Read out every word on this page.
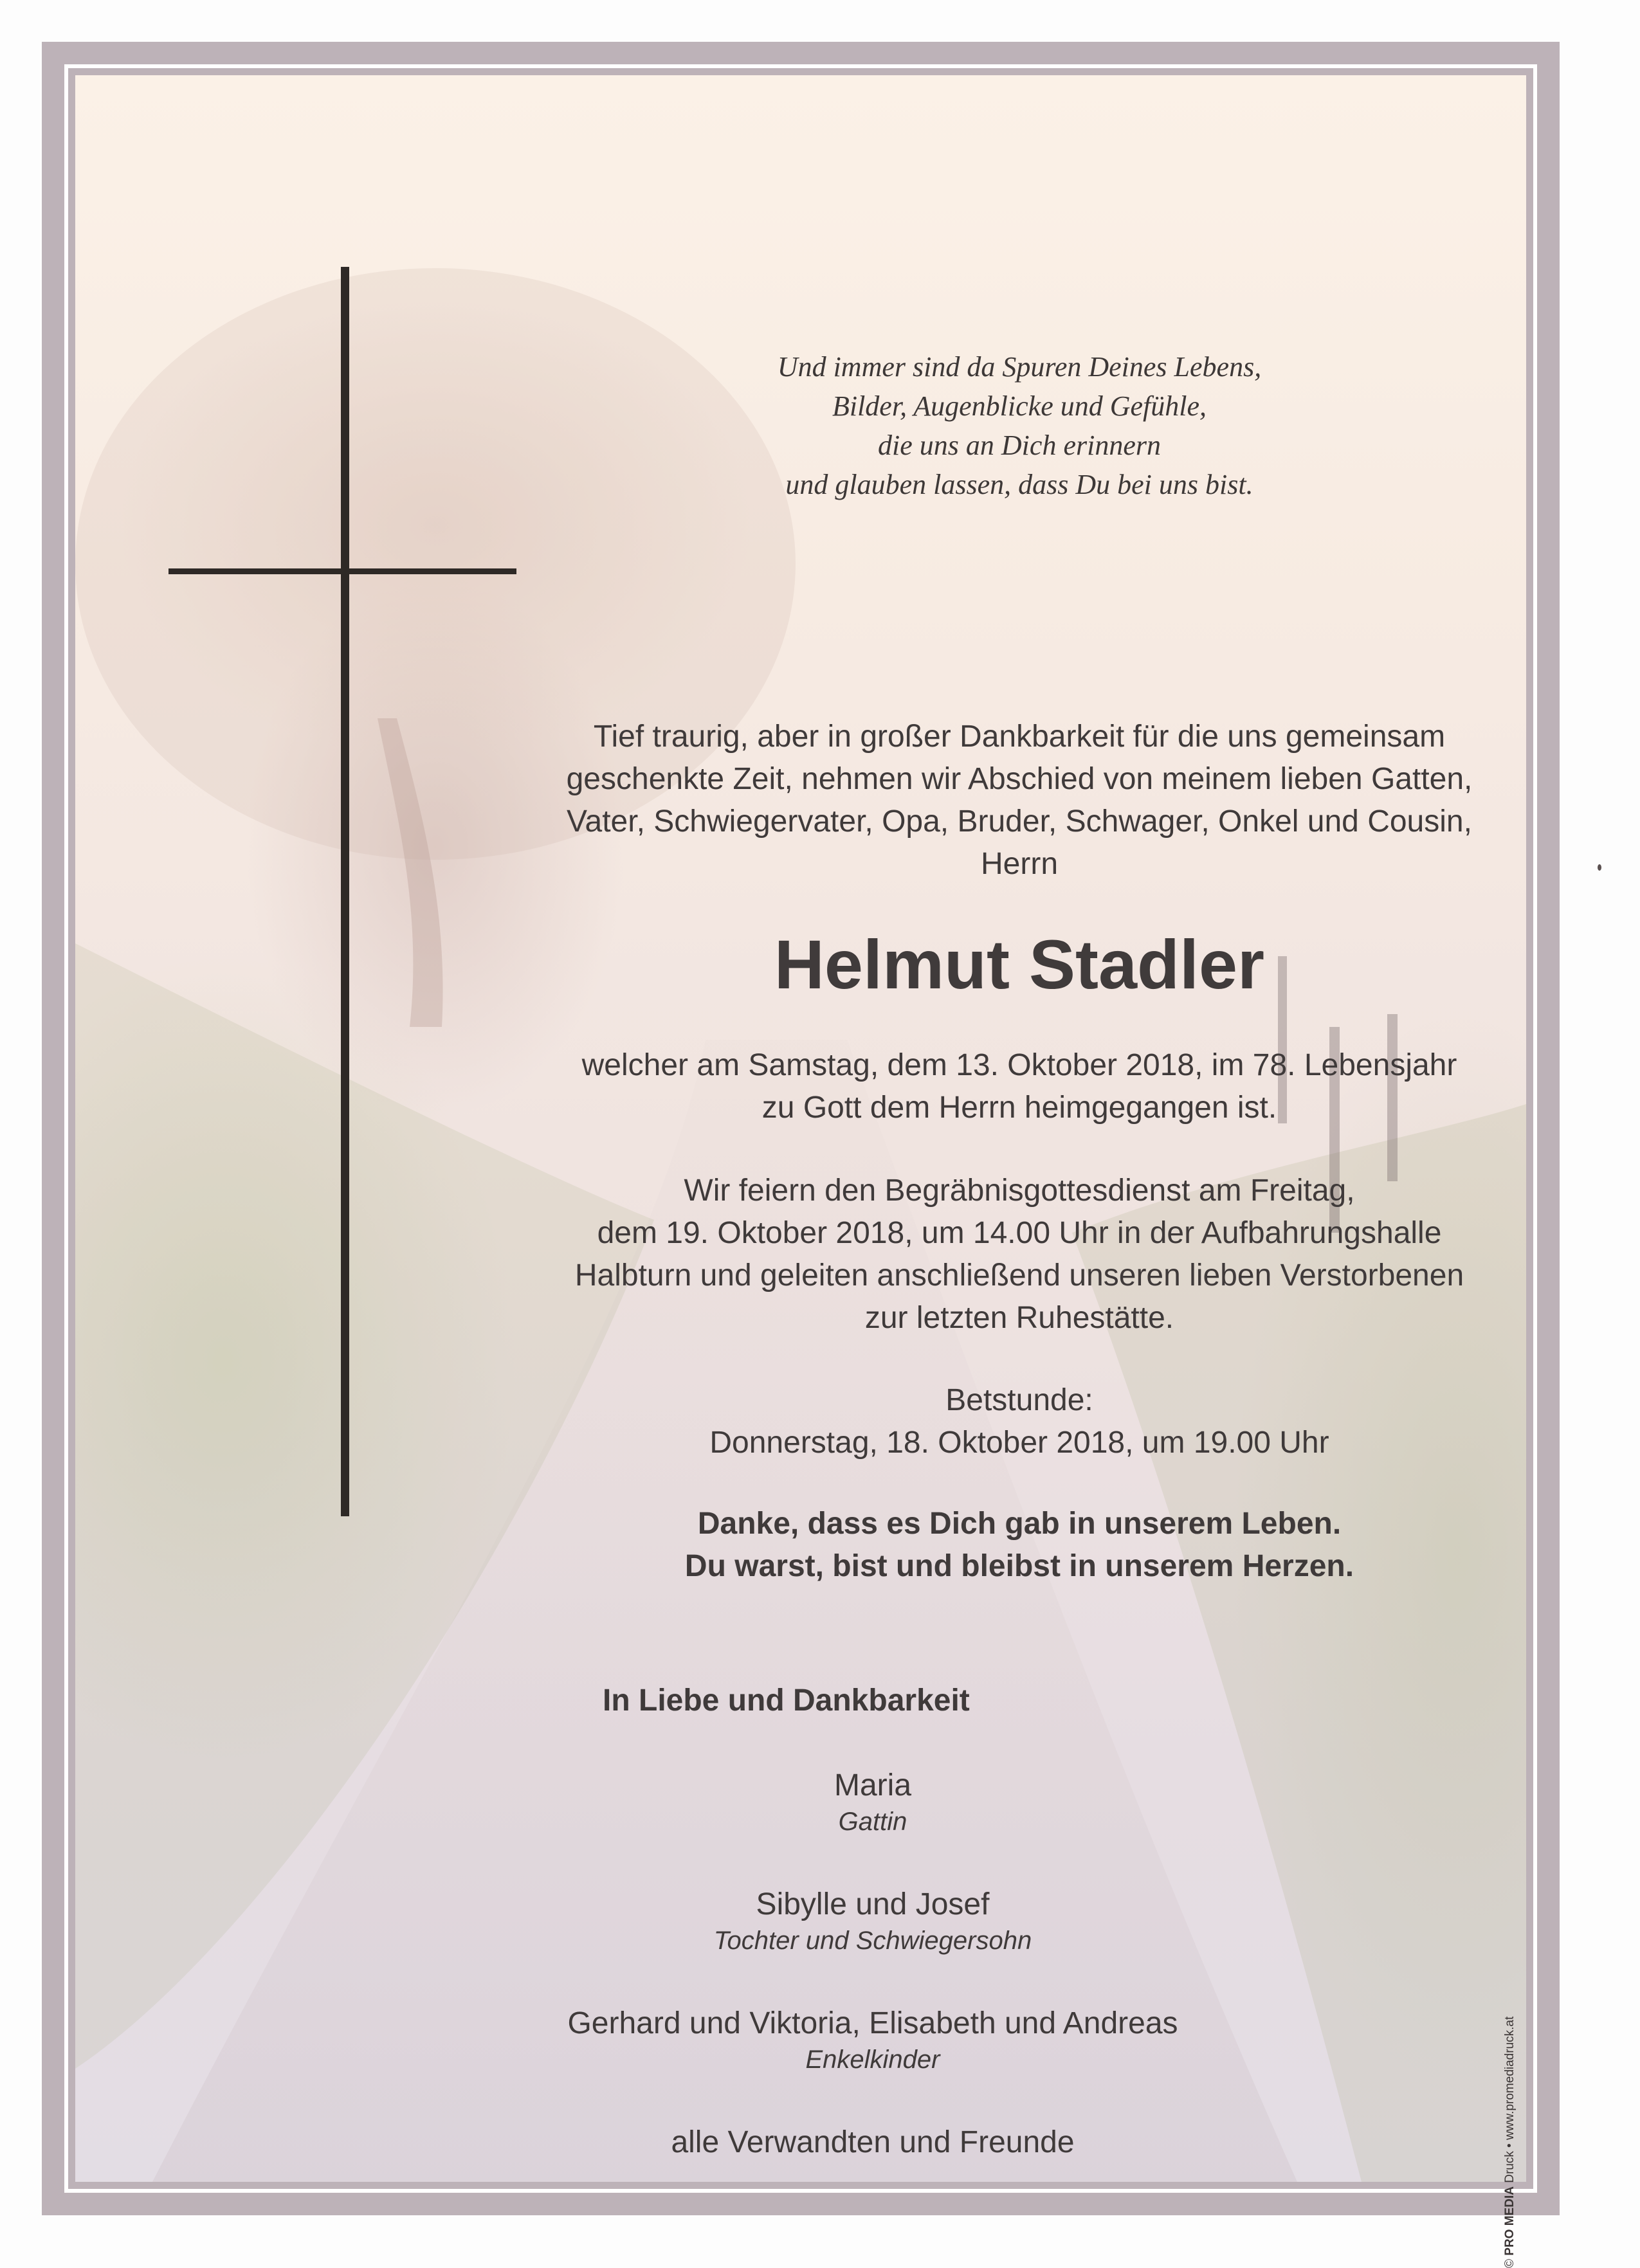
Und immer sind da Spuren Deines Lebens,
Bilder, Augenblicke und Gefühle,
die uns an Dich erinnern
und glauben lassen, dass Du bei uns bist.
Tief traurig, aber in großer Dankbarkeit für die uns gemeinsam
geschenkte Zeit, nehmen wir Abschied von meinem lieben Gatten,
Vater, Schwiegervater, Opa, Bruder, Schwager, Onkel und Cousin,
Herrn
Helmut Stadler
welcher am Samstag, dem 13. Oktober 2018, im 78. Lebensjahr
zu Gott dem Herrn heimgegangen ist.
Wir feiern den Begräbnisgottesdienst am Freitag,
dem 19. Oktober 2018, um 14.00 Uhr in der Aufbahrungshalle
Halbturn und geleiten anschließend unseren lieben Verstorbenen
zur letzten Ruhestätte.
Betstunde:
Donnerstag, 18. Oktober 2018, um 19.00 Uhr
Danke, dass es Dich gab in unserem Leben.
Du warst, bist und bleibst in unserem Herzen.
In Liebe und Dankbarkeit
Maria
Gattin
Sibylle und Josef
Tochter und Schwiegersohn
Gerhard und Viktoria, Elisabeth und Andreas
Enkelkinder
alle Verwandten und Freunde
© PRO MEDIA Druck • www.promediadruck.at
